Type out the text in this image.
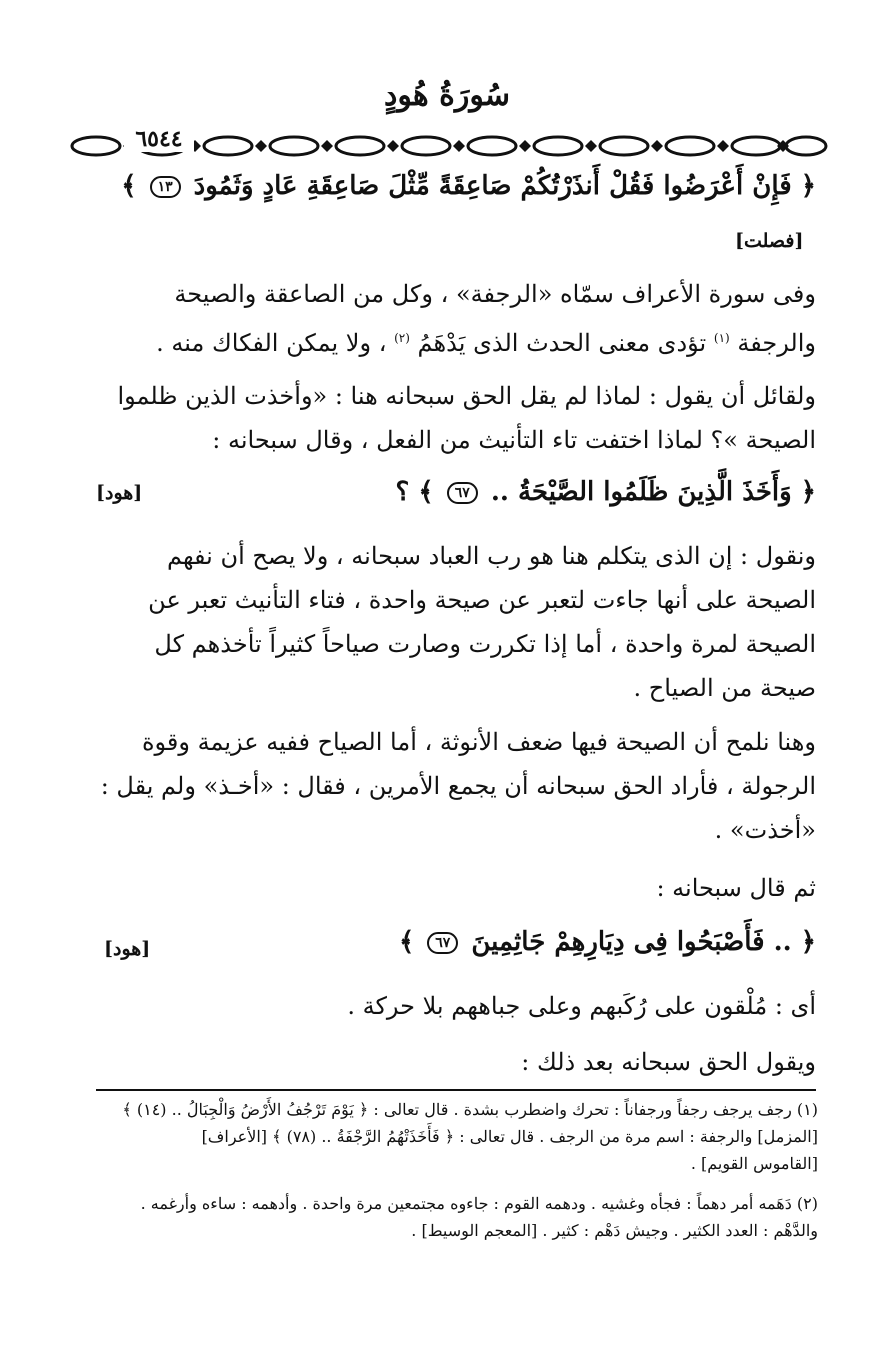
سُورَةُ هُودٍ
٦٥٤٤
﴿ فَإِنْ أَعْرَضُوا فَقُلْ أَنذَرْتُكُمْ صَاعِقَةً مِّثْلَ صَاعِقَةِ عَادٍ وَثَمُودَ ١٣ ﴾
[فصلت]
وفى سورة الأعراف سمّاه «الرجفة» ، وكل من الصاعقة والصيحة
والرجفة $^{(١)}$ تؤدى معنى الحدث الذى يَدْهَمُ $^{(٢)}$ ، ولا يمكن الفكاك منه .
ولقائل أن يقول : لماذا لم يقل الحق سبحانه هنا : «وأخذت الذين ظلموا
الصيحة »؟ لماذا اختفت تاء التأنيث من الفعل ، وقال سبحانه :
﴿ وَأَخَذَ الَّذِينَ ظَلَمُوا الصَّيْحَةُ .. ٦٧ ﴾ ؟
[هود]
ونقول : إن الذى يتكلم هنا هو رب العباد سبحانه ، ولا يصح أن نفهم
الصيحة على أنها جاءت لتعبر عن صيحة واحدة ، فتاء التأنيث تعبر عن
الصيحة لمرة واحدة ، أما إذا تكررت وصارت صياحاً كثيراً تأخذهم كل
صيحة من الصياح .
وهنا نلمح أن الصيحة فيها ضعف الأنوثة ، أما الصياح ففيه عزيمة وقوة
الرجولة ، فأراد الحق سبحانه أن يجمع الأمرين ، فقال : «أخـذ» ولم يقل :
«أخذت» .
ثم قال سبحانه :
﴿ .. فَأَصْبَحُوا فِى دِيَارِهِمْ جَاثِمِينَ ٦٧ ﴾
[هود]
أى : مُلْقون على رُكَبهم وعلى جباههم بلا حركة .
ويقول الحق سبحانه بعد ذلك :
(١) رجف يرجف رجفاً ورجفاناً : تحرك واضطرب بشدة . قال تعالى : ﴿ يَوْمَ تَرْجُفُ الأَرْضُ وَالْجِبَالُ .. (١٤) ﴾
[المزمل] والرجفة : اسم مرة من الرجف . قال تعالى : ﴿ فَأَخَذَتْهُمُ الرَّجْفَةُ .. (٧٨) ﴾ [الأعراف]
[القاموس القويم] .
(٢) دَهَمه أمر دهماً : فجأه وغشيه . ودهمه القوم : جاءوه مجتمعين مرة واحدة . وأدهمه : ساءه وأرغمه .
والدَّهْم : العدد الكثير . وجيش دَهْم : كثير . [المعجم الوسيط] .
